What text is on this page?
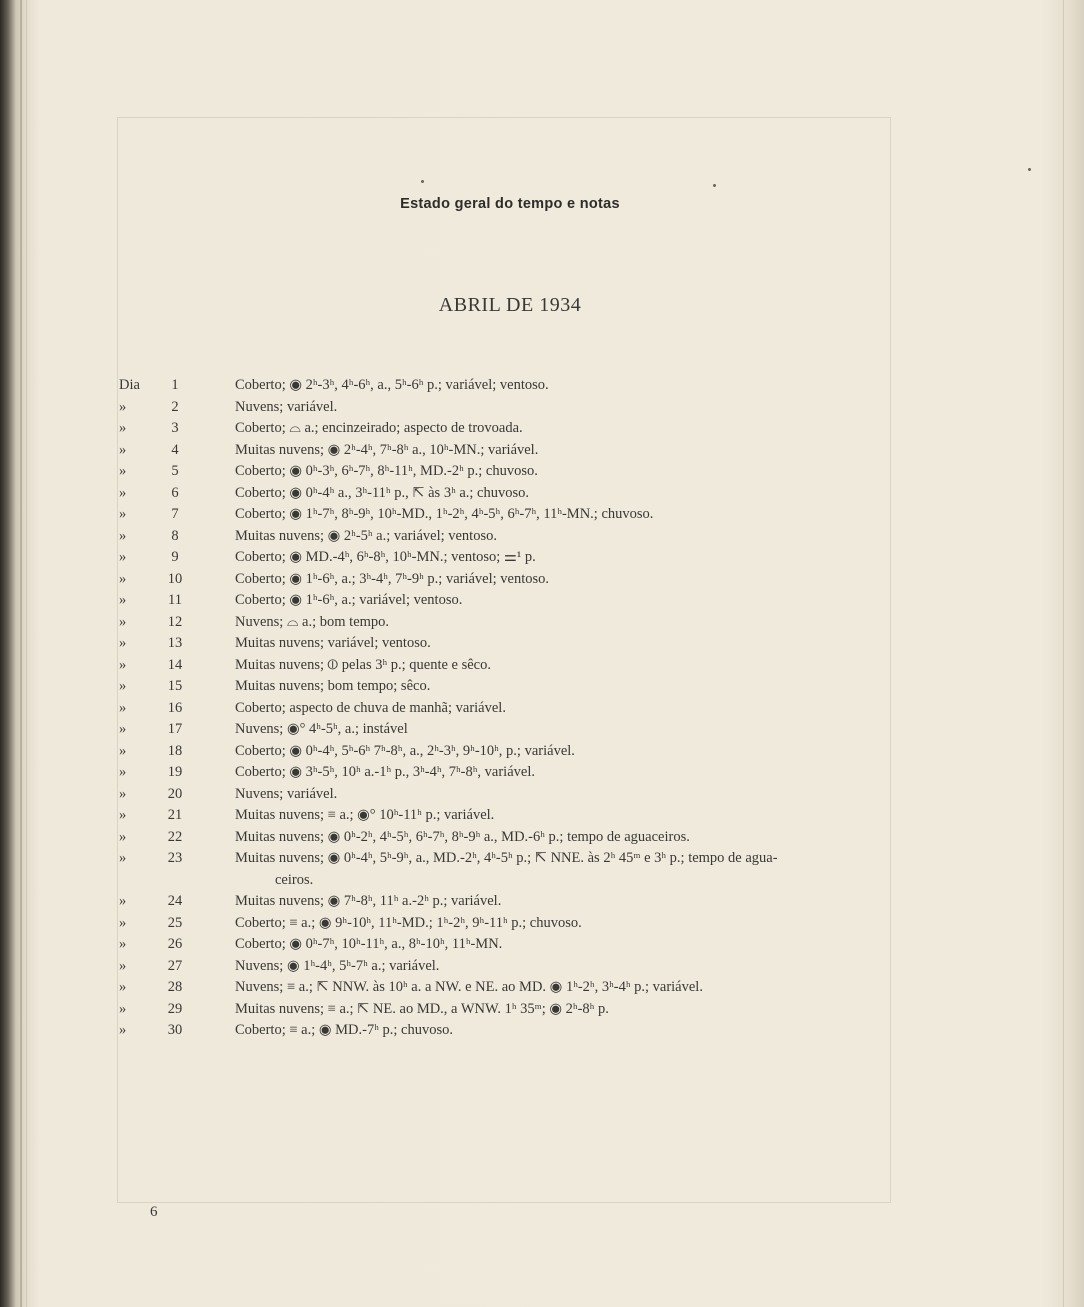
Estado geral do tempo e notas
ABRIL DE 1934
Dia	1	Coberto; ◉ 2ʰ-3ʰ, 4ʰ-6ʰ, a., 5ʰ-6ʰ p.; variável; ventoso.
»	2	Nuvens; variável.
»	3	Coberto; ⌓ a.; encinzeirado; aspecto de trovoada.
»	4	Muitas nuvens; ◉ 2ʰ-4ʰ, 7ʰ-8ʰ a., 10ʰ-MN.; variável.
»	5	Coberto; ◉ 0ʰ-3ʰ, 6ʰ-7ʰ, 8ʰ-11ʰ, MD.-2ʰ p.; chuvoso.
»	6	Coberto; ◉ 0ʰ-4ʰ a., 3ʰ-11ʰ p., ⇱ às 3ʰ a.; chuvoso.
»	7	Coberto; ◉ 1ʰ-7ʰ, 8ʰ-9ʰ, 10ʰ-MD., 1ʰ-2ʰ, 4ʰ-5ʰ, 6ʰ-7ʰ, 11ʰ-MN.; chuvoso.
»	8	Muitas nuvens; ◉ 2ʰ-5ʰ a.; variável; ventoso.
»	9	Coberto; ◉ MD.-4ʰ, 6ʰ-8ʰ, 10ʰ-MN.; ventoso; ⚌¹ p.
»	10	Coberto; ◉ 1ʰ-6ʰ, a.; 3ʰ-4ʰ, 7ʰ-9ʰ p.; variável; ventoso.
»	11	Coberto; ◉ 1ʰ-6ʰ, a.; variável; ventoso.
»	12	Nuvens; ⌓ a.; bom tempo.
»	13	Muitas nuvens; variável; ventoso.
»	14	Muitas nuvens; ⦶ pelas 3ʰ p.; quente e sêco.
»	15	Muitas nuvens; bom tempo; sêco.
»	16	Coberto; aspecto de chuva de manhã; variável.
»	17	Nuvens; ◉° 4ʰ-5ʰ, a.; instável
»	18	Coberto; ◉ 0ʰ-4ʰ, 5ʰ-6ʰ 7ʰ-8ʰ, a., 2ʰ-3ʰ, 9ʰ-10ʰ, p.; variável.
»	19	Coberto; ◉ 3ʰ-5ʰ, 10ʰ a.-1ʰ p., 3ʰ-4ʰ, 7ʰ-8ʰ, variável.
»	20	Nuvens; variável.
»	21	Muitas nuvens; ≡ a.; ◉° 10ʰ-11ʰ p.; variável.
»	22	Muitas nuvens; ◉ 0ʰ-2ʰ, 4ʰ-5ʰ, 6ʰ-7ʰ, 8ʰ-9ʰ a., MD.-6ʰ p.; tempo de aguaceiros.
»	23	Muitas nuvens; ◉ 0ʰ-4ʰ, 5ʰ-9ʰ, a., MD.-2ʰ, 4ʰ-5ʰ p.; ⇱ NNE. às 2ʰ 45ᵐ e 3ʰ p.; tempo de agua-
ceiros.
»	24	Muitas nuvens; ◉ 7ʰ-8ʰ, 11ʰ a.-2ʰ p.; variável.
»	25	Coberto; ≡ a.; ◉ 9ʰ-10ʰ, 11ʰ-MD.; 1ʰ-2ʰ, 9ʰ-11ʰ p.; chuvoso.
»	26	Coberto; ◉ 0ʰ-7ʰ, 10ʰ-11ʰ, a., 8ʰ-10ʰ, 11ʰ-MN.
»	27	Nuvens; ◉ 1ʰ-4ʰ, 5ʰ-7ʰ a.; variável.
»	28	Nuvens; ≡ a.; ⇱ NNW. às 10ʰ a. a NW. e NE. ao MD. ◉ 1ʰ-2ʰ, 3ʰ-4ʰ p.; variável.
»	29	Muitas nuvens; ≡ a.; ⇱ NE. ao MD., a WNW. 1ʰ 35ᵐ; ◉ 2ʰ-8ʰ p.
»	30	Coberto; ≡ a.; ◉ MD.-7ʰ p.; chuvoso.
6
